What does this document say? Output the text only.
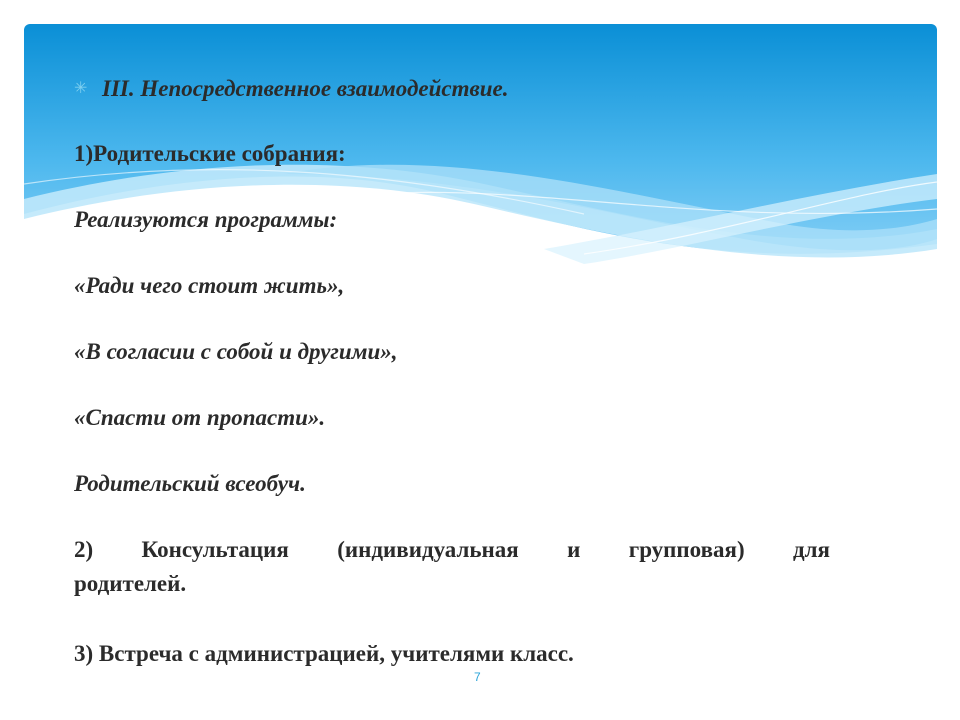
✳ III. Непосредственное взаимодействие.
1)Родительские собрания:
Реализуются программы:
«Ради чего стоит жить»,
«В согласии с собой и другими»,
«Спасти от пропасти».
Родительский всеобуч.
2) Консультация (индивидуальная и групповая) для
родителей.
3) Встреча с администрацией, учителями класс.
7
